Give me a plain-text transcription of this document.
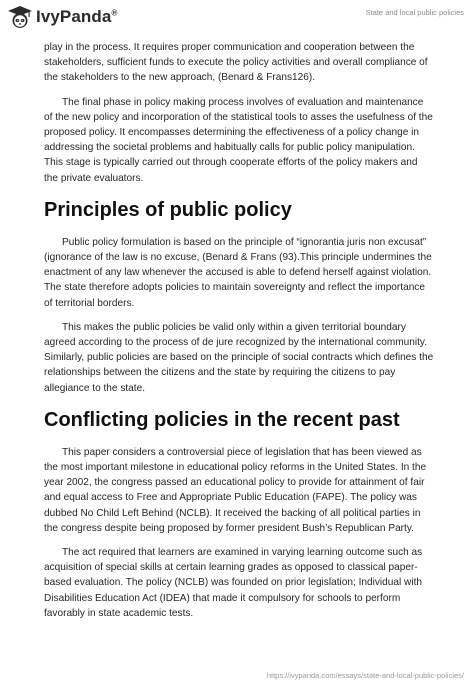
IvyPanda®	State and local public policies

play in the process. It requires proper communication and cooperation between the stakeholders, sufficient funds to execute the policy activities and overall compliance of the stakeholders to the new approach, (Benard & Frans126).

The final phase in policy making process involves of evaluation and maintenance of the new policy and incorporation of the statistical tools to asses the usefulness of the proposed policy. It encompasses determining the effectiveness of a policy change in addressing the societal problems and habitually calls for public policy manipulation. This stage is typically carried out through cooperate efforts of the policy makers and the private evaluators.

Principles of public policy

Public policy formulation is based on the principle of “ignorantia juris non excusat” (ignorance of the law is no excuse, (Benard & Frans (93).This principle undermines the enactment of any law whenever the accused is able to defend herself against violation. The state therefore adopts policies to maintain sovereignty and reflect the importance of territorial borders.

This makes the public policies be valid only within a given territorial boundary agreed according to the process of de jure recognized by the international community. Similarly, public policies are based on the principle of social contracts which defines the relationships between the citizens and the state by requiring the citizens to pay allegiance to the state.

Conflicting policies in the recent past

This paper considers a controversial piece of legislation that has been viewed as the most important milestone in educational policy reforms in the United States. In the year 2002, the congress passed an educational policy to provide for attainment of fair and equal access to Free and Appropriate Public Education (FAPE). The policy was dubbed No Child Left Behind (NCLB). It received the backing of all political parties in the congress despite being proposed by former president Bush’s Republican Party.

The act required that learners are examined in varying learning outcome such as acquisition of special skills at certain learning grades as opposed to classical paper-based evaluation. The policy (NCLB) was founded on prior legislation; Individual with Disabilities Education Act (IDEA) that made it compulsory for schools to perform favorably in state academic tests.

https://ivypanda.com/essays/state-and-local-public-policies/
